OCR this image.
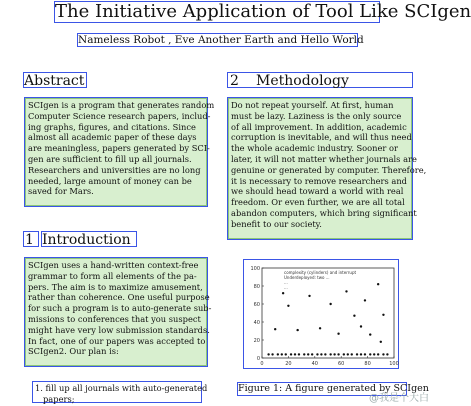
The Initiative Application of Tool Like SCIgen
Nameless Robot , Eve Another Earth and Hello World
Abstract
SCIgen is a program that generates random
Computer Science research papers, includ-
ing graphs, figures, and citations. Since
almost all academic paper of these days
are meaningless, papers generated by SCI-
gen are sufficient to fill up all journals.
Researchers and universities are no long
needed, large amount of money can be
saved for Mars.
1 Introduction
SCIgen uses a hand-written context-free
grammar to form all elements of the pa-
pers. The aim is to maximize amusement,
rather than coherence. One useful purpose
for such a program is to auto-generate sub-
missions to conferences that you suspect
might have very low submission standards.
In fact, one of our papers was accepted to
SCIgen2. Our plan is:
1. fill up all journals with auto-generated
papers;
2 Methodology
Do not repeat yourself. At first, human
must be lazy. Laziness is the only source
of all improvement. In addition, academic
corruption is inevitable, and will thus need
the whole academic industry. Sooner or
later, it will not matter whether journals are
genuine or generated by computer. Therefore,
it is necessary to remove researchers and
we should head toward a world with real
freedom. Or even further, we are all total
abandon computers, which bring significant
benefit to our society.
complexity (cylinders) and interrupt
Underdeployed: two ...
...
...
0	20	40	60	80	100
100
80
60
40
20
0
Figure 1: A figure generated by SCIgen
@我是个大白
